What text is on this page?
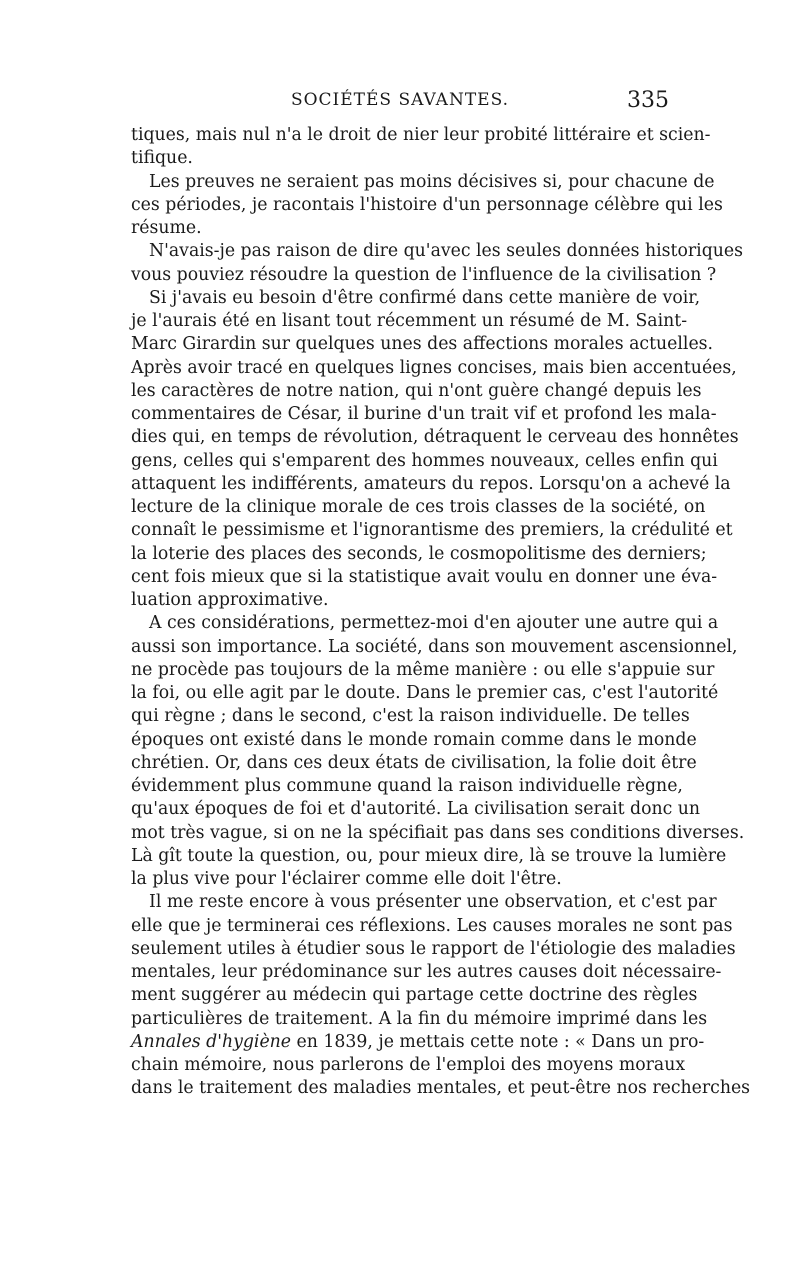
SOCIÉTÉS SAVANTES.	335
tiques, mais nul n'a le droit de nier leur probité littéraire et scien-
tifique.
Les preuves ne seraient pas moins décisives si, pour chacune de
ces périodes, je racontais l'histoire d'un personnage célèbre qui les
résume.
N'avais-je pas raison de dire qu'avec les seules données historiques
vous pouviez résoudre la question de l'influence de la civilisation ?
Si j'avais eu besoin d'être confirmé dans cette manière de voir,
je l'aurais été en lisant tout récemment un résumé de M. Saint-
Marc Girardin sur quelques unes des affections morales actuelles.
Après avoir tracé en quelques lignes concises, mais bien accentuées,
les caractères de notre nation, qui n'ont guère changé depuis les
commentaires de César, il burine d'un trait vif et profond les mala-
dies qui, en temps de révolution, détraquent le cerveau des honnêtes
gens, celles qui s'emparent des hommes nouveaux, celles enfin qui
attaquent les indifférents, amateurs du repos. Lorsqu'on a achevé la
lecture de la clinique morale de ces trois classes de la société, on
connaît le pessimisme et l'ignorantisme des premiers, la crédulité et
la loterie des places des seconds, le cosmopolitisme des derniers;
cent fois mieux que si la statistique avait voulu en donner une éva-
luation approximative.
A ces considérations, permettez-moi d'en ajouter une autre qui a
aussi son importance. La société, dans son mouvement ascensionnel,
ne procède pas toujours de la même manière : ou elle s'appuie sur
la foi, ou elle agit par le doute. Dans le premier cas, c'est l'autorité
qui règne ; dans le second, c'est la raison individuelle. De telles
époques ont existé dans le monde romain comme dans le monde
chrétien. Or, dans ces deux états de civilisation, la folie doit être
évidemment plus commune quand la raison individuelle règne,
qu'aux époques de foi et d'autorité. La civilisation serait donc un
mot très vague, si on ne la spécifiait pas dans ses conditions diverses.
Là gît toute la question, ou, pour mieux dire, là se trouve la lumière
la plus vive pour l'éclairer comme elle doit l'être.
Il me reste encore à vous présenter une observation, et c'est par
elle que je terminerai ces réflexions. Les causes morales ne sont pas
seulement utiles à étudier sous le rapport de l'étiologie des maladies
mentales, leur prédominance sur les autres causes doit nécessaire-
ment suggérer au médecin qui partage cette doctrine des règles
particulières de traitement. A la fin du mémoire imprimé dans les
Annales d'hygiène en 1839, je mettais cette note : « Dans un pro-
chain mémoire, nous parlerons de l'emploi des moyens moraux
dans le traitement des maladies mentales, et peut-être nos recherches
